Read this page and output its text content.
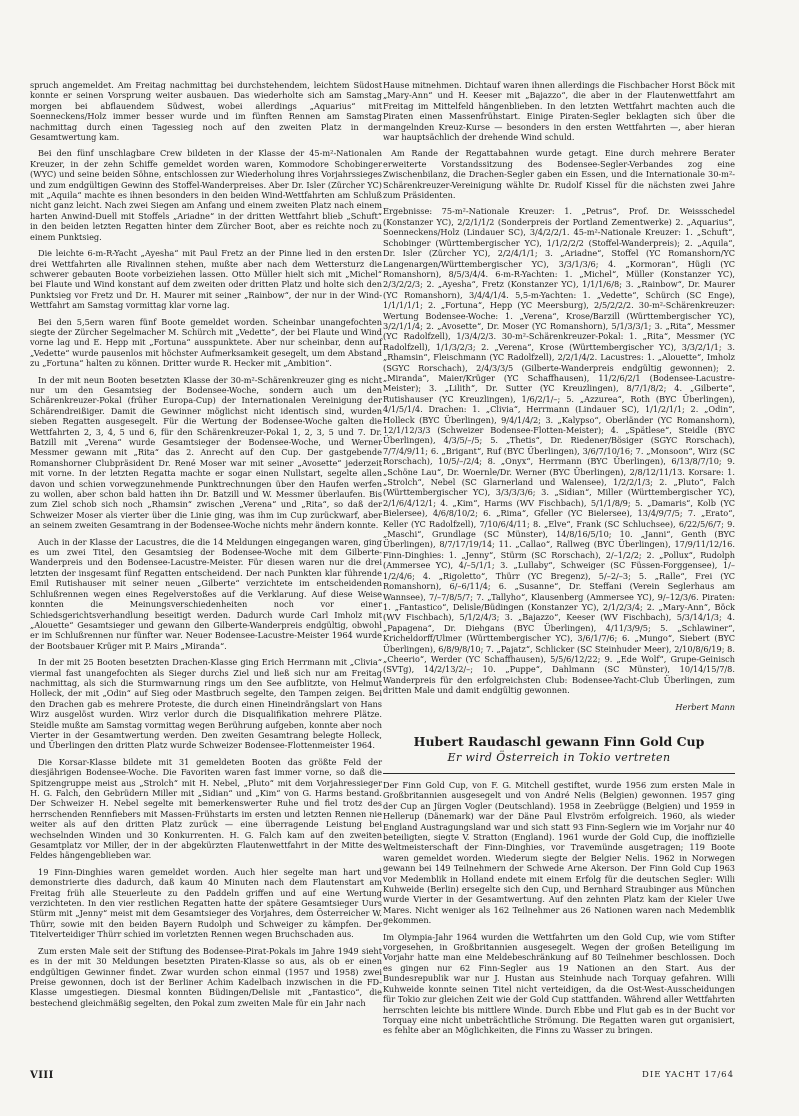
spruch angemeldet. Am Freitag nachmittag bei durchstehendem, leichtem Südost konnte er seinen Vorsprung weiter ausbauen. Das wiederholte sich am Samstag morgen bei abflauendem Südwest, wobei allerdings „Aquarius“ mit Soenneckens/Holz immer besser wurde und im fünften Rennen am Samstag nachmittag durch einen Tagessieg noch auf den zweiten Platz in der Gesamtwertung kam.

Bei den fünf unschlagbare Crew bildeten in der Klasse der 45-m²-Nationalen Kreuzer, in der zehn Schiffe gemeldet worden waren, Kommodore Schobinger (WYC) und seine beiden Söhne, entschlossen zur Wiederholung ihres Vorjahrssieges und zum endgültigen Gewinn des Stoffel-Wanderpreises. Aber Dr. Isler (Zürcher YC) mit „Aquila“ machte es ihnen besonders in den beiden Wind-Wettfahrten am Schluß nicht ganz leicht. Nach zwei Siegen am Anfang und einem zweiten Platz nach einem harten Anwind-Duell mit Stoffels „Ariadne“ in der dritten Wettfahrt blieb „Schuft“ in den beiden letzten Regatten hinter dem Zürcher Boot, aber es reichte noch zu einem Punktsieg.

Die leichte 6-m-R-Yacht „Ayesha“ mit Paul Fretz an der Pinne lied in den ersten drei Wettfahrten alle Rivalinnen stehen, mußte aber nach dem Wettersturz die schwerer gebauten Boote vorbeiziehen lassen. Otto Müller hielt sich mit „Michel“ bei Flaute und Wind konstant auf dem zweiten oder dritten Platz und holte sich den Punktsieg vor Fretz und Dr. H. Maurer mit seiner „Rainbow“, der nur in der Wind-Wettfahrt am Samstag vormittag klar vorne lag.

Bei den 5,5ern waren fünf Boote gemeldet worden. Scheinbar unangefochten siegte der Zürcher Segelmacher M. Schürch mit „Vedette“, der bei Flaute und Wind vorne lag und E. Hepp mit „Fortuna“ ausspunktete. Aber nur scheinbar, denn auf „Vedette“ wurde pausenlos mit höchster Aufmerksamkeit gesegelt, um dem Abstand zu „Fortuna“ halten zu können. Dritter wurde R. Hecker mit „Ambition“.

In der mit neun Booten besetzten Klasse der 30-m²-Schärenkreuzer ging es nicht nur um den Gesamtsieg der Bodensee-Woche, sondern auch um den Schärenkreuzer-Pokal (früher Europa-Cup) der Internationalen Vereinigung der Schärendreißiger. Damit die Gewinner möglichst nicht identisch sind, wurden sieben Regatten ausgesegelt. Für die Wertung der Bodensee-Woche galten die Wettfahrten 2, 3, 4, 5 und 6, für den Schärenkreuzer-Pokal 1, 2, 3, 5 und 7. Dr. Batzill mit „Verena“ wurde Gesamtsieger der Bodensee-Woche, und Werner Messmer gewann mit „Rita“ das 2. Anrecht auf den Cup. Der gastgebende Romanshorner Clubpräsident Dr. René Moser war mit seiner „Avosette“ jederzeit mit vorne. In der letzten Regatta machte er sogar einen Nullstart, segelte allen davon und schien vorwegzunehmende Punktrechnungen über den Haufen werfen zu wollen, aber schon bald hatten ihn Dr. Batzill und W. Messmer überlaufen. Bis zum Ziel schob sich noch „Rhamsin“ zwischen „Verena“ und „Rita“, so daß der Schweizer Moser als vierter über die Linie ging, was ihm im Cup zurückwarf, aber an seinem zweiten Gesamtrang in der Bodensee-Woche nichts mehr ändern konnte.

Auch in der Klasse der Lacustres, die die 14 Meldungen eingegangen waren, ging es um zwei Titel, den Gesamtsieg der Bodensee-Woche mit dem Gilberte-Wanderpreis und den Bodensee-Lacustre-Meister. Für diesen waren nur die drei letzten der insgesamt fünf Regatten entscheidend. Der nach Punkten klar führende Emil Rutishauser mit seiner neuen „Gilberte“ verzichtete im entscheidenden Schlußrennen wegen eines Regelverstoßes auf die Verklarung. Auf diese Weise konnten die Meinungsverschiedenheiten noch vor einer Schiedsgerichtsverhandlung beseitigt werden. Dadurch wurde Carl Imholz mit „Alouette“ Gesamtsieger und gewann den Gilberte-Wanderpreis endgültig, obwohl er im Schlußrennen nur fünfter war. Neuer Bodensee-Lacustre-Meister 1964 wurde der Bootsbauer Krüger mit P. Mairs „Miranda“.

In der mit 25 Booten besetzten Drachen-Klasse ging Erich Herrmann mit „Clivia“ viermal fast unangefochten als Sieger durchs Ziel und ließ sich nur am Freitag nachmittag, als sich die Sturmwarnung rings um den See aufblitzte, von Helmut Holleck, der mit „Odin“ auf Sieg oder Mastbruch segelte, den Tampen zeigen. Bei den Drachen gab es mehrere Proteste, die durch einen Hineindrängslart von Hans Wirz ausgelöst wurden. Wirz verlor durch die Disqualifikation mehrere Plätze. Steidle mußte am Samstag vormittag wegen Berührung aufgeben, konnte aber noch Vierter in der Gesamtwertung werden. Den zweiten Gesamtrang belegte Holleck, und Überlingen den dritten Platz wurde Schweizer Bodensee-Flottenmeister 1964.

Die Korsar-Klasse bildete mit 31 gemeldeten Booten das größte Feld der diesjährigen Bodensee-Woche. Die Favoriten waren fast immer vorne, so daß die Spitzengruppe meist aus „Strolch“ mit H. Nebel, „Pluto“ mit dem Vorjahressieger H. G. Falch, den Gebrüdern Miller mit „Sidian“ und „Kim“ von G. Harms bestand. Der Schweizer H. Nebel segelte mit bemerkenswerter Ruhe und fiel trotz des herrschenden Rennfiebers mit Massen-Frühstarts im ersten und letzten Rennen nie weiter als auf den dritten Platz zurück — eine überragende Leistung bei wechselnden Winden und 30 Konkurrenten. H. G. Falch kam auf den zweiten Gesamtplatz vor Miller, der in der abgekürzten Flautenwettfahrt in der Mitte des Feldes hängengeblieben war.

19 Finn-Dinghies waren gemeldet worden. Auch hier segelte man hart und demonstrierte dies dadurch, daß kaum 40 Minuten nach dem Flautenstart am Freitag früh alle Steuerleute zu den Paddeln griffen und auf eine Wertung verzichteten. In den vier restlichen Regatten hatte der spätere Gesamtsieger Uurs Stürm mit „Jenny“ meist mit dem Gesamtsieger des Vorjahres, dem Österreicher W. Thürr, sowie mit den beiden Bayern Rudolph und Schweiger zu kämpfen. Der Titelverteidiger Thürr schied im vorletzten Rennen wegen Bruchschaden aus.

Zum ersten Male seit der Stiftung des Bodensee-Pirat-Pokals im Jahre 1949 sieht es in der mit 30 Meldungen besetzten Piraten-Klasse so aus, als ob er einen endgültigen Gewinner findet. Zwar wurden schon einmal (1957 und 1958) zwei Preise gewonnen, doch ist der Berliner Achim Kadelbach inzwischen in die FD-Klasse umgestiegen. Diesmal konnten Büdingen/Delisle mit „Fantastico“, die bestechend gleichmäßig segelten, den Pokal zum zweiten Male für ein Jahr nach

Hause mitnehmen. Dichtauf waren ihnen allerdings die Fischbacher Horst Böck mit „Mary-Ann“ und H. Keeser mit „Bajazzo“, die aber in der Flautenwettfahrt am Freitag im Mittelfeld hängenblieben. In den letzten Wettfahrt machten auch die Piraten einen Massenfrühstart. Einige Piraten-Segler beklagten sich über die mangelnden Kreuz-Kurse — besonders in den ersten Wettfahrten —, aber hieran war hauptsächlich der drehende Wind schuld.

Am Rande der Regattabahnen wurde getagt. Eine durch mehrere Berater erweiterte Vorstandssitzung des Bodensee-Segler-Verbandes zog eine Zwischenbilanz, die Drachen-Segler gaben ein Essen, und die Internationale 30-m²-Schärenkreuzer-Vereinigung wählte Dr. Rudolf Kissel für die nächsten zwei Jahre zum Präsidenten.

Ergebnisse: 75-m²-Nationale Kreuzer: 1. „Petrus“, Prof. Dr. Weissschedel (Konstanzer YC), 2/2/1/1/2 (Sonderpreis der Portland Zementwerke) 2. „Aquarius“, Soenneckens/Holz (Lindauer SC), 3/4/2/2/1. 45-m²-Nationale Kreuzer: 1. „Schuft“, Schobinger (Württembergischer YC), 1/1/2/2/2 (Stoffel-Wanderpreis); 2. „Aquila“, Dr. Isler (Zürcher YC), 2/2/4/1/1; 3. „Ariadne“, Stoffel (YC Romanshorn/YC Langenargen/Württembergischer YC), 3/3/1/3/6; 4. „Kormoran“, Hügli (YC Romanshorn), 8/5/3/4/4. 6-m-R-Yachten: 1. „Michel“, Müller (Konstanzer YC), 2/3/2/2/3; 2. „Ayesha“, Fretz (Konstanzer YC), 1/1/1/6/8; 3. „Rainbow“, Dr. Maurer (YC Romanshorn), 3/4/4/1/4. 5,5-m-Yachten: 1. „Vedette“, Schürch (SC Enge), 1/1/1/1/1; 2. „Fortuna“, Hepp (YC Meersburg), 2/5/2/2/2. 30-m²-Schärenkreuzer: Wertung Bodensee-Woche: 1. „Verena“, Krose/Barzill (Württembergischer YC), 3/2/1/1/4; 2. „Avosette“, Dr. Moser (YC Romanshorn), 5/1/3/3/1; 3. „Rita“, Messmer (YC Radolfzell), 1/3/4/2/3. 30-m²-Schärenkreuzer-Pokal: 1. „Rita“, Messmer (YC Radolfzell), 1/1/3/2/3; 2. „Verena“, Krose (Württembergischer YC), 3/3/2/1/1; 3. „Rhamsin“, Fleischmann (YC Radolfzell), 2/2/1/4/2. Lacustres: 1. „Alouette“, Imholz (SGYC Rorschach), 2/4/3/3/5 (Gilberte-Wanderpreis endgültig gewonnen); 2. „Miranda“, Maier/Krüger (YC Schaffhausen), 11/2/6/2/1 (Bodensee-Lacustre-Meister); 3. „Lilith“, Dr. Sutter (YC Kreuzlingen), 8/7/1/8/2; 4. „Gilberte“, Rutishauser (YC Kreuzlingen), 1/6/2/1/–; 5. „Azzurea“, Roth (BYC Überlingen), 4/1/5/1/4. Drachen: 1. „Clivia“, Herrmann (Lindauer SC), 1/1/2/1/1; 2. „Odin“, Holleck (BYC Überlingen), 9/4/1/4/2; 3. „Kalypso“, Oberländer (YC Romanshorn), 12/1/12/3/3 (Schweizer Bodensee-Flotten-Meister); 4. „Spätlese“, Steidle (BYC Überlingen), 4/3/5/–/5; 5. „Thetis“, Dr. Riedener/Bösiger (SGYC Rorschach), 7/7/4/9/11; 6. „Brigant“, Ruf (BYC Überlingen), 3/6/7/10/16; 7. „Monsoon“, Wirz (SC Rorschach), 10/5/–/2/4; 8. „Onyx“, Herrmann (BYC Überlingen), 6/13/8/7/10; 9. „Schöne Lau“, Dr. Woernle/Dr. Werner (BYC Überlingen), 2/8/12/11/13. Korsare: 1. „Strolch“, Nebel (SC Glarnerland und Walensee), 1/2/2/1/3; 2. „Pluto“, Falch (Württembergischer YC), 3/3/3/3/6; 3. „Sidian“, Miller (Württembergischer YC), 2/1/6/4/12/1; 4. „Kim“, Harms (WV Fischbach), 5/1/1/8/9; 5. „Damaris“, Kolb (YC Bielersee), 4/6/8/10/2; 6. „Rima“, Gfeller (YC Bielersee), 13/4/9/7/5; 7. „Erato“, Keller (YC Radolfzell), 7/10/6/4/11; 8. „Elve“, Frank (SC Schluchsee), 6/22/5/6/7; 9. „Maschi“, Grundlage (SC Münster), 14/8/16/5/10; 10. „Janni“, Genth (BYC Überlingen), 8/7/17/19/14; 11. „Callao“, Rallweg (BYC Überlingen), 17/9/11/12/16. Finn-Dinghies: 1. „Jenny“, Stürm (SC Rorschach), 2/–1/2/2; 2. „Pollux“, Rudolph (Ammersee YC), 4/–5/1/1; 3. „Lullaby“, Schweiger (SC Füssen-Forggensee), 1/–1/2/4/6; 4. „Rigoletto“, Thürr (YC Bregenz), 5/–2/–3; 5. „Ralle“, Frei (YC Romanshorn), 6/–6/11/4; 6. „Susanne“, Dr. Steffani (Verein Seglerhaus am Wannsee), 7/–7/8/5/7; 7. „Tallyho“, Klausenberg (Ammersee YC), 9/–12/3/6. Piraten: 1. „Fantastico“, Delisle/Büdingen (Konstanzer YC), 2/1/2/3/4; 2. „Mary-Ann“, Böck (WV Fischbach), 5/1/2/4/3; 3. „Bajazzo“, Keeser (WV Fischbach), 5/3/14/1/3; 4. „Papagena“, Dr. Diehgans (BYC Überlingen), 4/11/3/9/5; 5. „Schlawiner“, Kricheldorff/Ulmer (Württembergischer YC), 3/6/1/7/6; 6. „Mungo“, Siebert (BYC Überlingen), 6/8/9/8/10; 7. „Pajatz“, Schlicker (SC Steinhuder Meer), 2/10/8/6/19; 8. „Cheerio“, Werder (YC Schaffhausen), 5/5/6/12/22; 9. „Ede Wolf“, Grupe-Geinisch (SVTg), 14/2/13/2/–; 10. „Puppe“, Dahlmann (SC Münster), 10/14/15/7/8. Wanderpreis für den erfolgreichsten Club: Bodensee-Yacht-Club Überlingen, zum dritten Male und damit endgültig gewonnen.

Herbert Mann
Hubert Raudaschl gewann Finn Gold Cup
Er wird Österreich in Tokio vertreten

Der Finn Gold Cup, von F. G. Mitchell gestiftet, wurde 1956 zum ersten Male in Großbritannien ausgesegelt und von André Nelis (Belgien) gewonnen. 1957 ging der Cup an Jürgen Vogler (Deutschland). 1958 in Zeebrügge (Belgien) und 1959 in Hellerup (Dänemark) war der Däne Paul Elvström erfolgreich. 1960, als wieder England Austragungsland war und sich statt 93 Finn-Seglern wie im Vorjahr nur 40 beteiligten, siegte V. Stratton (England). 1961 wurde der Gold Cup, die inoffizielle Weltmeisterschaft der Finn-Dinghies, vor Travemünde ausgetragen; 119 Boote waren gemeldet worden. Wiederum siegte der Belgier Nelis. 1962 in Norwegen gewann bei 149 Teilnehmern der Schwede Arne Akerson. Der Finn Gold Cup 1963 vor Medemblik in Holland endete mit einem Erfolg für die deutschen Segler: Willi Kuhweide (Berlin) ersegelte sich den Cup, und Bernhard Straubinger aus München wurde Vierter in der Gesamtwertung. Auf den zehnten Platz kam der Kieler Uwe Mares. Nicht weniger als 162 Teilnehmer aus 26 Nationen waren nach Medemblik gekommen.

Im Olympia-Jahr 1964 wurden die Wettfahrten um den Gold Cup, wie vom Stifter vorgesehen, in Großbritannien ausgesegelt. Wegen der großen Beteiligung im Vorjahr hatte man eine Meldebeschränkung auf 80 Teilnehmer beschlossen. Doch es gingen nur 62 Finn-Segler aus 19 Nationen an den Start. Aus der Bundesrepublik war nur J. Hustan aus Steinhude nach Torquay gefahren. Willi Kuhweide konnte seinen Titel nicht verteidigen, da die Ost-West-Ausscheidungen für Tokio zur gleichen Zeit wie der Gold Cup stattfanden. Während aller Wettfahrten herrschten leichte bis mittlere Winde. Durch Ebbe und Flut gab es in der Bucht vor Torquay eine nicht unbeträchtliche Strömung. Die Regatten waren gut organisiert, es fehlte aber an Möglichkeiten, die Finns zu Wasser zu bringen.

VIII	DIE YACHT 17/64
